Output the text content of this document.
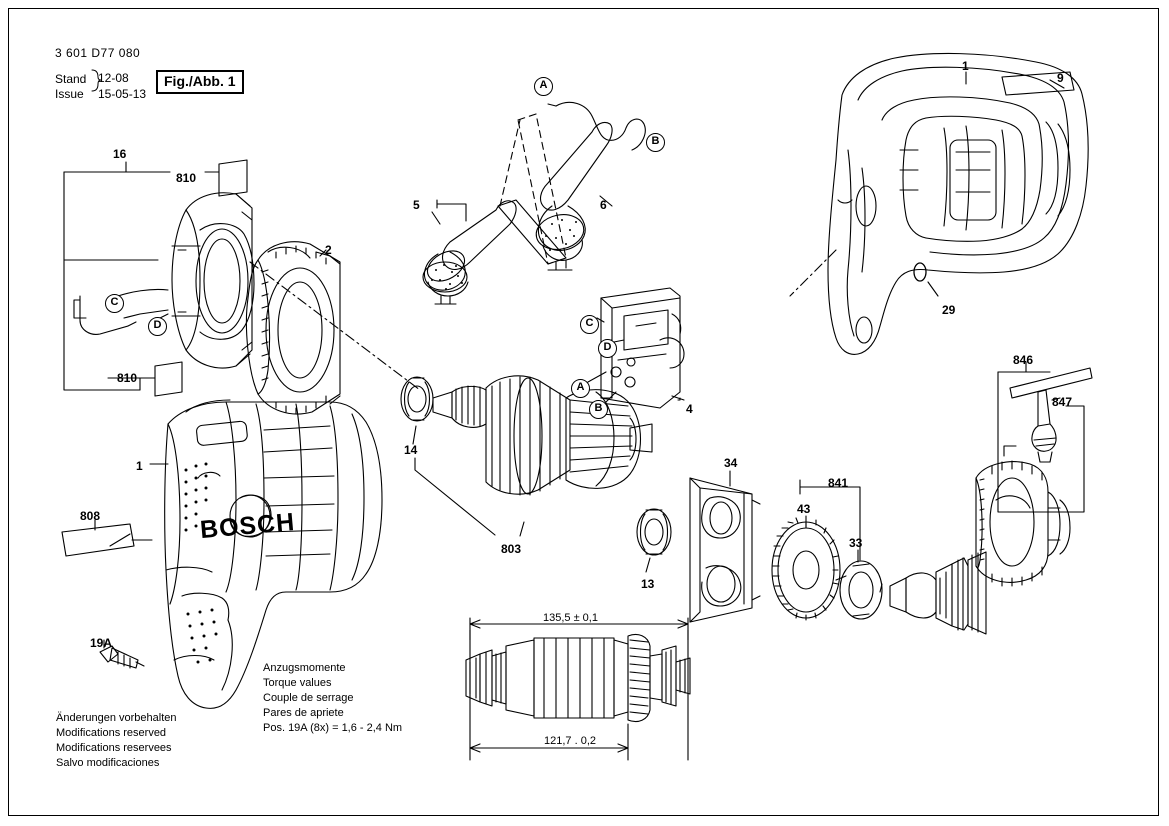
3 601 D77 080
Stand
Issue
12-08
15-05-13
Fig./Abb. 1
Anzugsmomente
Torque values
Couple de serrage
Pares de apriete
Pos. 19A (8x) = 1,6 - 2,4 Nm
Änderungen vorbehalten
Modifications reserved
Modifications reservees
Salvo modificaciones
135,5 ± 0,1
121,7 . 0,2
BOSCH
1
9
29
16
810
810
2
5	6
4
14
803
13
34
43
841
33
846
847
1
808
19A
A
B
C
D	C
D
A
B
